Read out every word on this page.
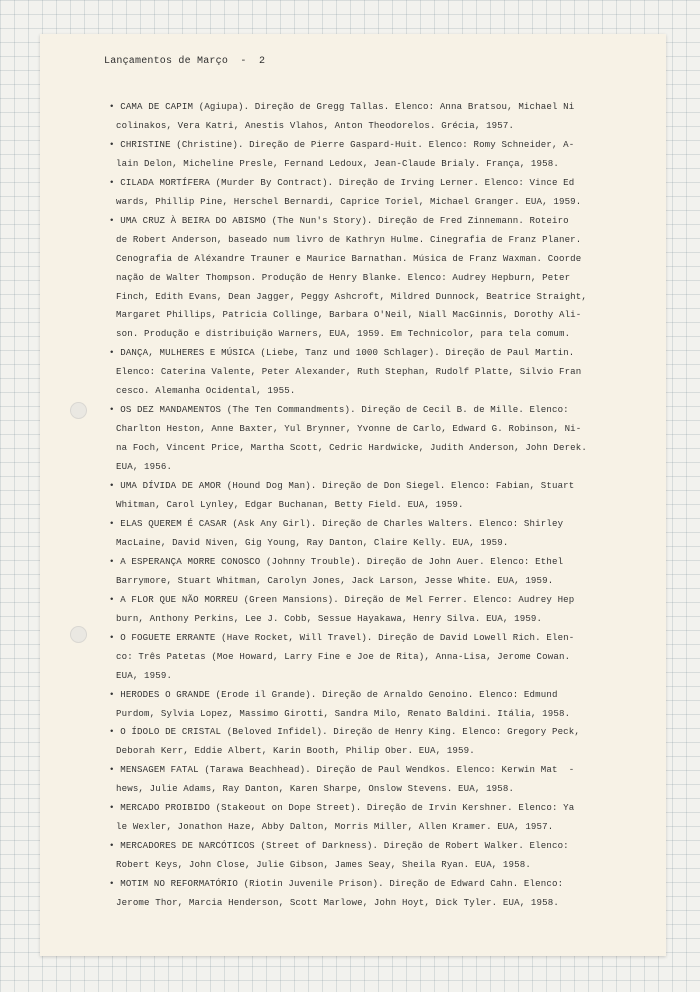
Lançamentos de Março  -  2
• CAMA DE CAPIM (Agiupa). Direção de Gregg Tallas. Elenco: Anna Bratsou, Michael Ni
colinakos, Vera Katri, Anestis Vlahos, Anton Theodorelos. Grécia, 1957.
• CHRISTINE (Christine). Direção de Pierre Gaspard-Huit. Elenco: Romy Schneider, A-
lain Delon, Micheline Presle, Fernand Ledoux, Jean-Claude Brialy. França, 1958.
• CILADA MORTÍFERA (Murder By Contract). Direção de Irving Lerner. Elenco: Vince Ed
wards, Phillip Pine, Herschel Bernardi, Caprice Toriel, Michael Granger. EUA, 1959.
• UMA CRUZ À BEIRA DO ABISMO (The Nun's Story). Direção de Fred Zinnemann. Roteiro
de Robert Anderson, baseado num livro de Kathryn Hulme. Cinegrafia de Franz Planer.
Cenografia de Aléxandre Trauner e Maurice Barnathan. Música de Franz Waxman. Coorde
nação de Walter Thompson. Produção de Henry Blanke. Elenco: Audrey Hepburn, Peter
Finch, Edith Evans, Dean Jagger, Peggy Ashcroft, Mildred Dunnock, Beatrice Straight,
Margaret Phillips, Patricia Collinge, Barbara O'Neil, Niall MacGinnis, Dorothy Ali-
son. Produção e distribuição Warners, EUA, 1959. Em Technicolor, para tela comum.
• DANÇA, MULHERES E MÚSICA (Liebe, Tanz und 1000 Schlager). Direção de Paul Martin.
Elenco: Caterina Valente, Peter Alexander, Ruth Stephan, Rudolf Platte, Silvio Fran
cesco. Alemanha Ocidental, 1955.
• OS DEZ MANDAMENTOS (The Ten Commandments). Direção de Cecil B. de Mille. Elenco:
Charlton Heston, Anne Baxter, Yul Brynner, Yvonne de Carlo, Edward G. Robinson, Ni-
na Foch, Vincent Price, Martha Scott, Cedric Hardwicke, Judith Anderson, John Derek.
EUA, 1956.
• UMA DÍVIDA DE AMOR (Hound Dog Man). Direção de Don Siegel. Elenco: Fabian, Stuart
Whitman, Carol Lynley, Edgar Buchanan, Betty Field. EUA, 1959.
• ELAS QUEREM É CASAR (Ask Any Girl). Direção de Charles Walters. Elenco: Shirley
MacLaine, David Niven, Gig Young, Ray Danton, Claire Kelly. EUA, 1959.
• A ESPERANÇA MORRE CONOSCO (Johnny Trouble). Direção de John Auer. Elenco: Ethel
Barrymore, Stuart Whitman, Carolyn Jones, Jack Larson, Jesse White. EUA, 1959.
• A FLOR QUE NÃO MORREU (Green Mansions). Direção de Mel Ferrer. Elenco: Audrey Hep
burn, Anthony Perkins, Lee J. Cobb, Sessue Hayakawa, Henry Silva. EUA, 1959.
• O FOGUETE ERRANTE (Have Rocket, Will Travel). Direção de David Lowell Rich. Elen-
co: Três Patetas (Moe Howard, Larry Fine e Joe de Rita), Anna-Lisa, Jerome Cowan.
EUA, 1959.
• HERODES O GRANDE (Erode il Grande). Direção de Arnaldo Genoino. Elenco: Edmund
Purdom, Sylvia Lopez, Massimo Girotti, Sandra Milo, Renato Baldini. Itália, 1958.
• O ÍDOLO DE CRISTAL (Beloved Infidel). Direção de Henry King. Elenco: Gregory Peck,
Deborah Kerr, Eddie Albert, Karin Booth, Philip Ober. EUA, 1959.
• MENSAGEM FATAL (Tarawa Beachhead). Direção de Paul Wendkos. Elenco: Kerwin Mat  -
hews, Julie Adams, Ray Danton, Karen Sharpe, Onslow Stevens. EUA, 1958.
• MERCADO PROIBIDO (Stakeout on Dope Street). Direção de Irvin Kershner. Elenco: Ya
le Wexler, Jonathon Haze, Abby Dalton, Morris Miller, Allen Kramer. EUA, 1957.
• MERCADORES DE NARCÓTICOS (Street of Darkness). Direção de Robert Walker. Elenco:
Robert Keys, John Close, Julie Gibson, James Seay, Sheila Ryan. EUA, 1958.
• MOTIM NO REFORMATÓRIO (Riotin Juvenile Prison). Direção de Edward Cahn. Elenco:
Jerome Thor, Marcia Henderson, Scott Marlowe, John Hoyt, Dick Tyler. EUA, 1958.
